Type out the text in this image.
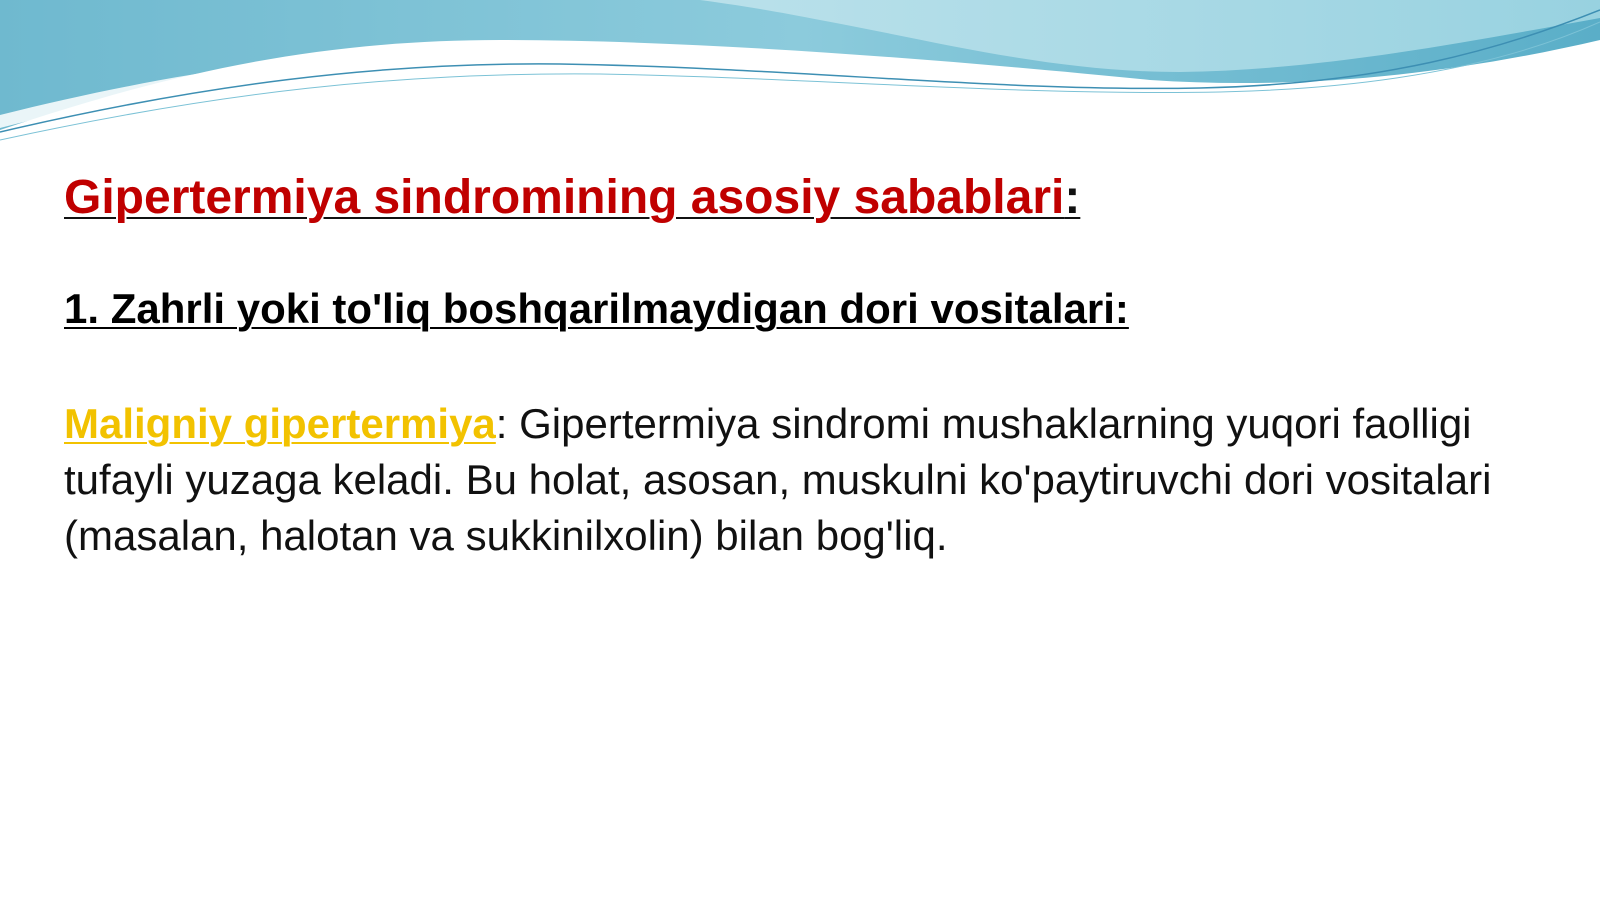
Gipertermiya sindromining asosiy sabablari:
1. Zahrli yoki to'liq boshqarilmaydigan dori vositalari:

Maligniy gipertermiya: Gipertermiya sindromi mushaklarning yuqori faolligi tufayli yuzaga keladi. Bu holat, asosan, muskulni ko'paytiruvchi dori vositalari (masalan, halotan va sukkinilxolin) bilan bog'liq.
